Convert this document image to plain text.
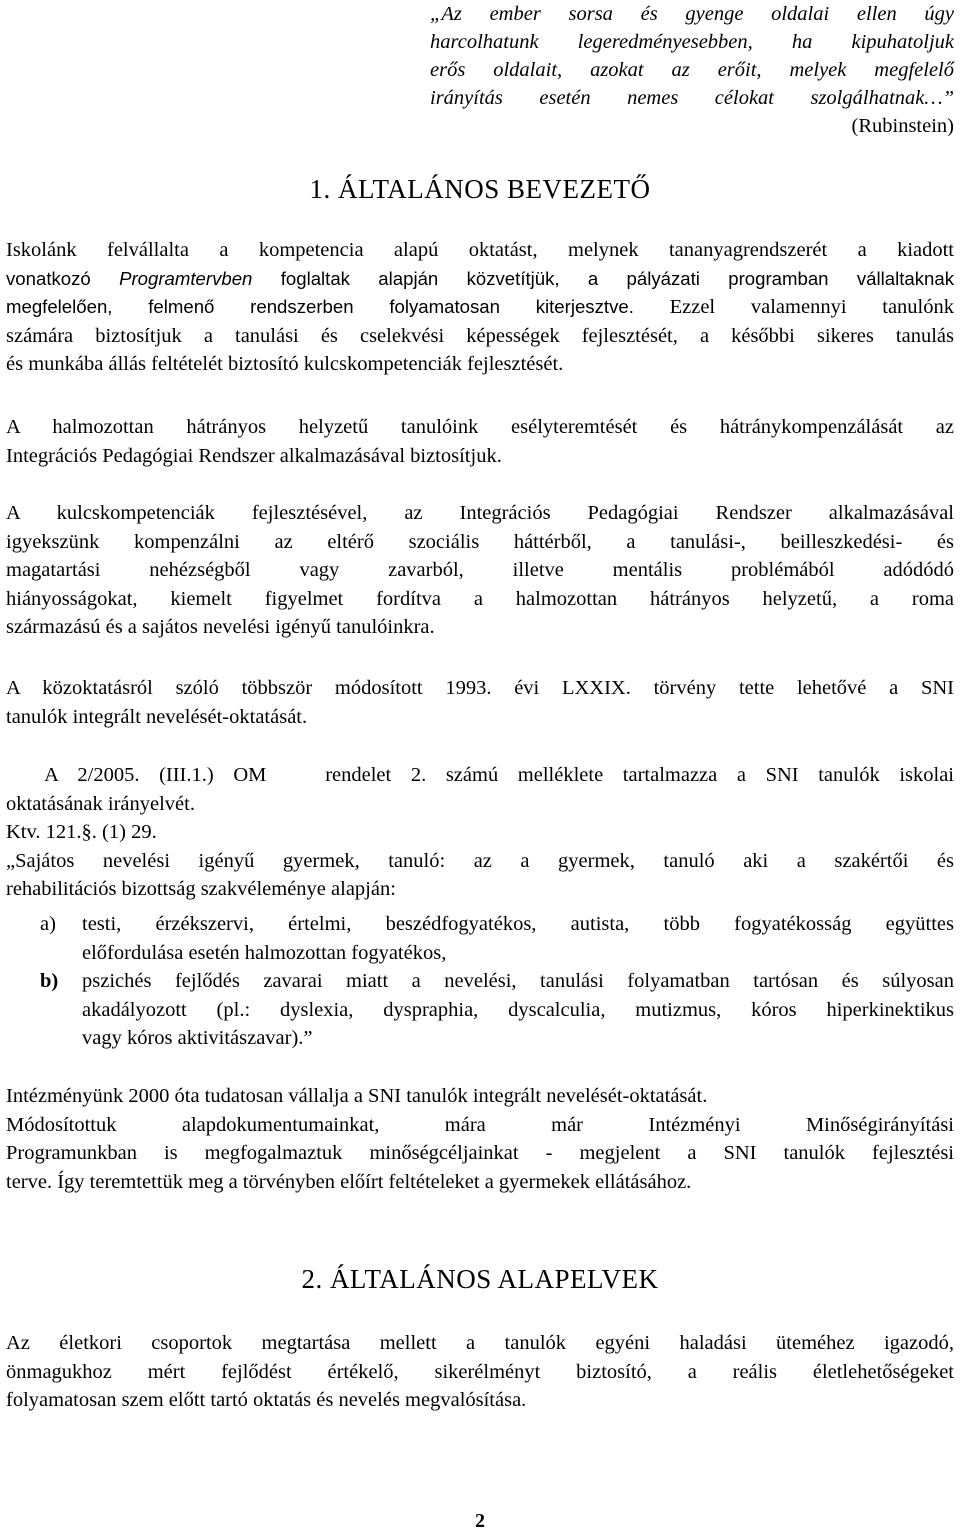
„Az ember sorsa és gyenge oldalai ellen úgy
harcolhatunk legeredményesebben, ha kipuhatoljuk
erős oldalait, azokat az erőit, melyek megfelelő
irányítás esetén nemes célokat szolgálhatnak…”
(Rubinstein)
1. ÁLTALÁNOS BEVEZETŐ
Iskolánk felvállalta a kompetencia alapú oktatást, melynek tananyagrendszerét a kiadott
vonatkozó Programtervben foglaltak alapján közvetítjük, a pályázati programban vállaltaknak
megfelelően, felmenő rendszerben folyamatosan kiterjesztve. Ezzel valamennyi tanulónk
számára biztosítjuk a tanulási és cselekvési képességek fejlesztését, a későbbi sikeres tanulás
és munkába állás feltételét biztosító kulcskompetenciák fejlesztését.
A halmozottan hátrányos helyzetű tanulóink esélyteremtését és hátránykompenzálását az
Integrációs Pedagógiai Rendszer alkalmazásával biztosítjuk.
A kulcskompetenciák fejlesztésével, az Integrációs Pedagógiai Rendszer alkalmazásával
igyekszünk kompenzálni az eltérő szociális háttérből, a tanulási-, beilleszkedési- és
magatartási nehézségből vagy zavarból, illetve mentális problémából adódódó
hiányosságokat, kiemelt figyelmet fordítva a halmozottan hátrányos helyzetű, a roma
származású és a sajátos nevelési igényű tanulóinkra.
A közoktatásról szóló többször módosított 1993. évi LXXIX. törvény tette lehetővé a SNI
tanulók integrált nevelését-oktatását.
A 2/2005. (III.1.) OM   rendelet 2. számú melléklete tartalmazza a SNI tanulók iskolai
oktatásának irányelvét.
Ktv. 121.§. (1) 29.
„Sajátos nevelési igényű gyermek, tanuló: az a gyermek, tanuló aki a szakértői és
rehabilitációs bizottság szakvéleménye alapján:
a) testi, érzékszervi, értelmi, beszédfogyatékos, autista, több fogyatékosság együttes
előfordulása esetén halmozottan fogyatékos,
b) pszichés fejlődés zavarai miatt a nevelési, tanulási folyamatban tartósan és súlyosan
akadályozott (pl.: dyslexia, dyspraphia, dyscalculia, mutizmus, kóros hiperkinektikus
vagy kóros aktivitászavar).”
Intézményünk 2000 óta tudatosan vállalja a SNI tanulók integrált nevelését-oktatását.
Módosítottuk alapdokumentumainkat, mára már Intézményi Minőségirányítási
Programunkban is megfogalmaztuk minőségcéljainkat - megjelent a SNI tanulók fejlesztési
terve. Így teremtettük meg a törvényben előírt feltételeket a gyermekek ellátásához.
2. ÁLTALÁNOS ALAPELVEK
Az életkori csoportok megtartása mellett a tanulók egyéni haladási üteméhez igazodó,
önmagukhoz mért fejlődést értékelő, sikerélményt biztosító, a reális életlehetőségeket
folyamatosan szem előtt tartó oktatás és nevelés megvalósítása.
2
